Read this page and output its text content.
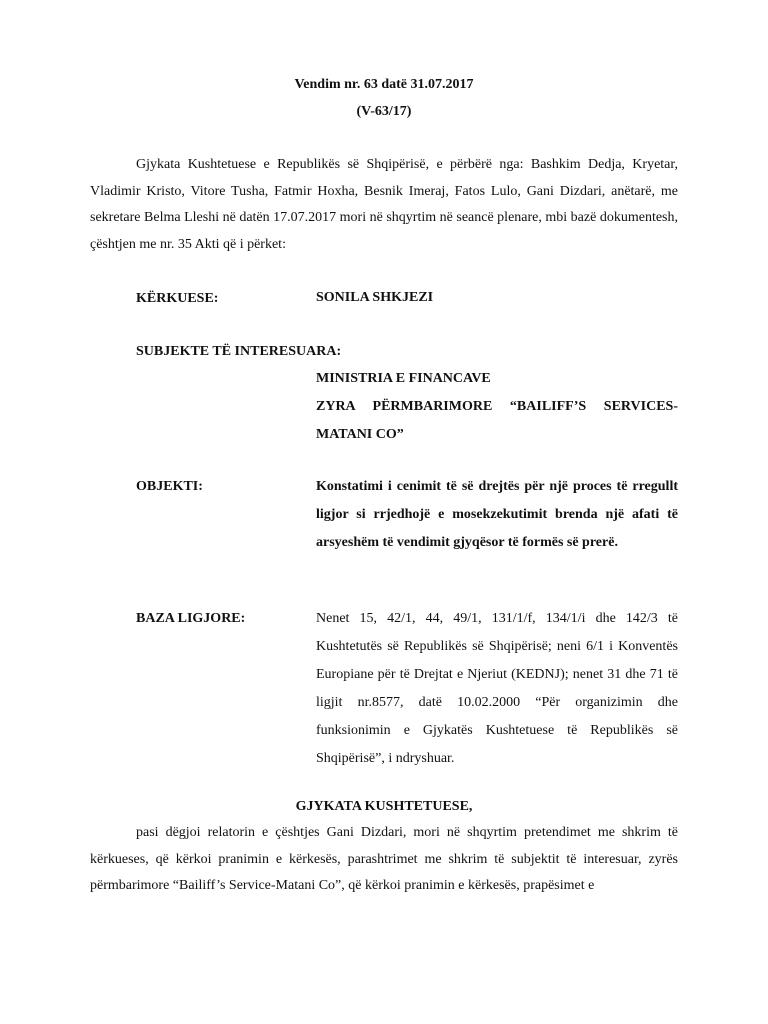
Vendim nr. 63 datë 31.07.2017
(V-63/17)
Gjykata Kushtetuese e Republikës së Shqipërisë, e përbërë nga: Bashkim Dedja, Kryetar, Vladimir Kristo, Vitore Tusha, Fatmir Hoxha, Besnik Imeraj, Fatos Lulo, Gani Dizdari, anëtarë, me sekretare Belma Lleshi në datën 17.07.2017 mori në shqyrtim në seancë plenare, mbi bazë dokumentesh, çështjen me nr. 35 Akti që i përket:
KËRKUESE:	SONILA SHKJEZI
SUBJEKTE TË INTERESUARA:
MINISTRIA E FINANCAVE
ZYRA PËRMBARIMORE “BAILIFF’S SERVICES-MATANI CO”
OBJEKTI:	Konstatimi i cenimit të së drejtës për një proces të rregullt ligjor si rrjedhojë e mosekzekutimit brenda një afati të arsyeshëm të vendimit gjyqësor të formës së prerë.
BAZA LIGJORE:	Nenet 15, 42/1, 44, 49/1, 131/1/f, 134/1/i dhe 142/3 të Kushtetutës së Republikës së Shqipërisë; neni 6/1 i Konventës Europiane për të Drejtat e Njeriut (KEDNJ); nenet 31 dhe 71 të ligjit nr.8577, datë 10.02.2000 “Për organizimin dhe funksionimin e Gjykatës Kushtetuese të Republikës së Shqipërisë”, i ndryshuar.
GJYKATA KUSHTETUESE,
pasi dëgjoi relatorin e çështjes Gani Dizdari, mori në shqyrtim pretendimet me shkrim të kërkueses, që kërkoi pranimin e kërkesës, parashtrimet me shkrim të subjektit të interesuar, zyrës përmbarimore “Bailiff’s Service-Matani Co”, që kërkoi pranimin e kërkesës, prapësimet e
